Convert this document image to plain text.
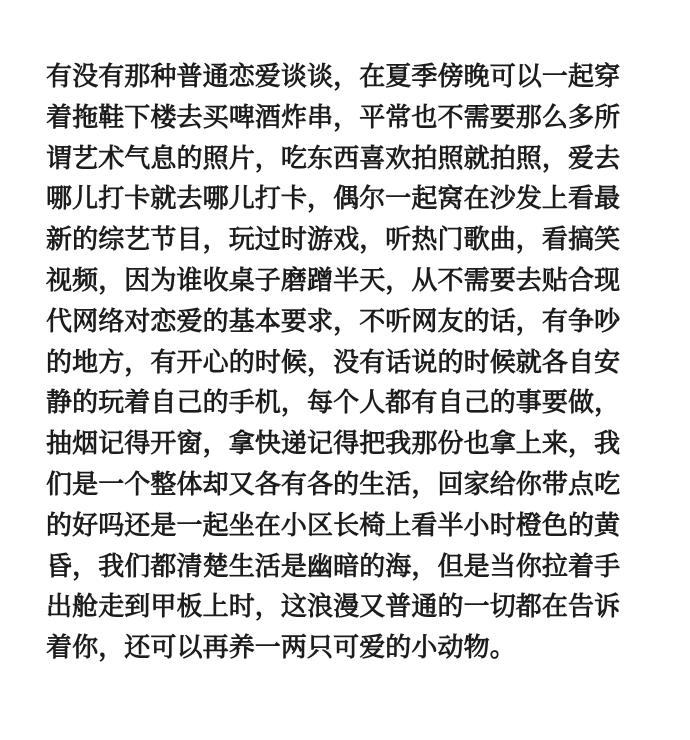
有没有那种普通恋爱谈谈，在夏季傍晚可以一起穿
着拖鞋下楼去买啤酒炸串，平常也不需要那么多所
谓艺术气息的照片，吃东西喜欢拍照就拍照，爱去
哪儿打卡就去哪儿打卡，偶尔一起窝在沙发上看最
新的综艺节目，玩过时游戏，听热门歌曲，看搞笑
视频，因为谁收桌子磨蹭半天，从不需要去贴合现
代网络对恋爱的基本要求，不听网友的话，有争吵
的地方，有开心的时候，没有话说的时候就各自安
静的玩着自己的手机，每个人都有自己的事要做，
抽烟记得开窗，拿快递记得把我那份也拿上来，我
们是一个整体却又各有各的生活，回家给你带点吃
的好吗还是一起坐在小区长椅上看半小时橙色的黄
昏，我们都清楚生活是幽暗的海，但是当你拉着手
出舱走到甲板上时，这浪漫又普通的一切都在告诉
着你，还可以再养一两只可爱的小动物。
